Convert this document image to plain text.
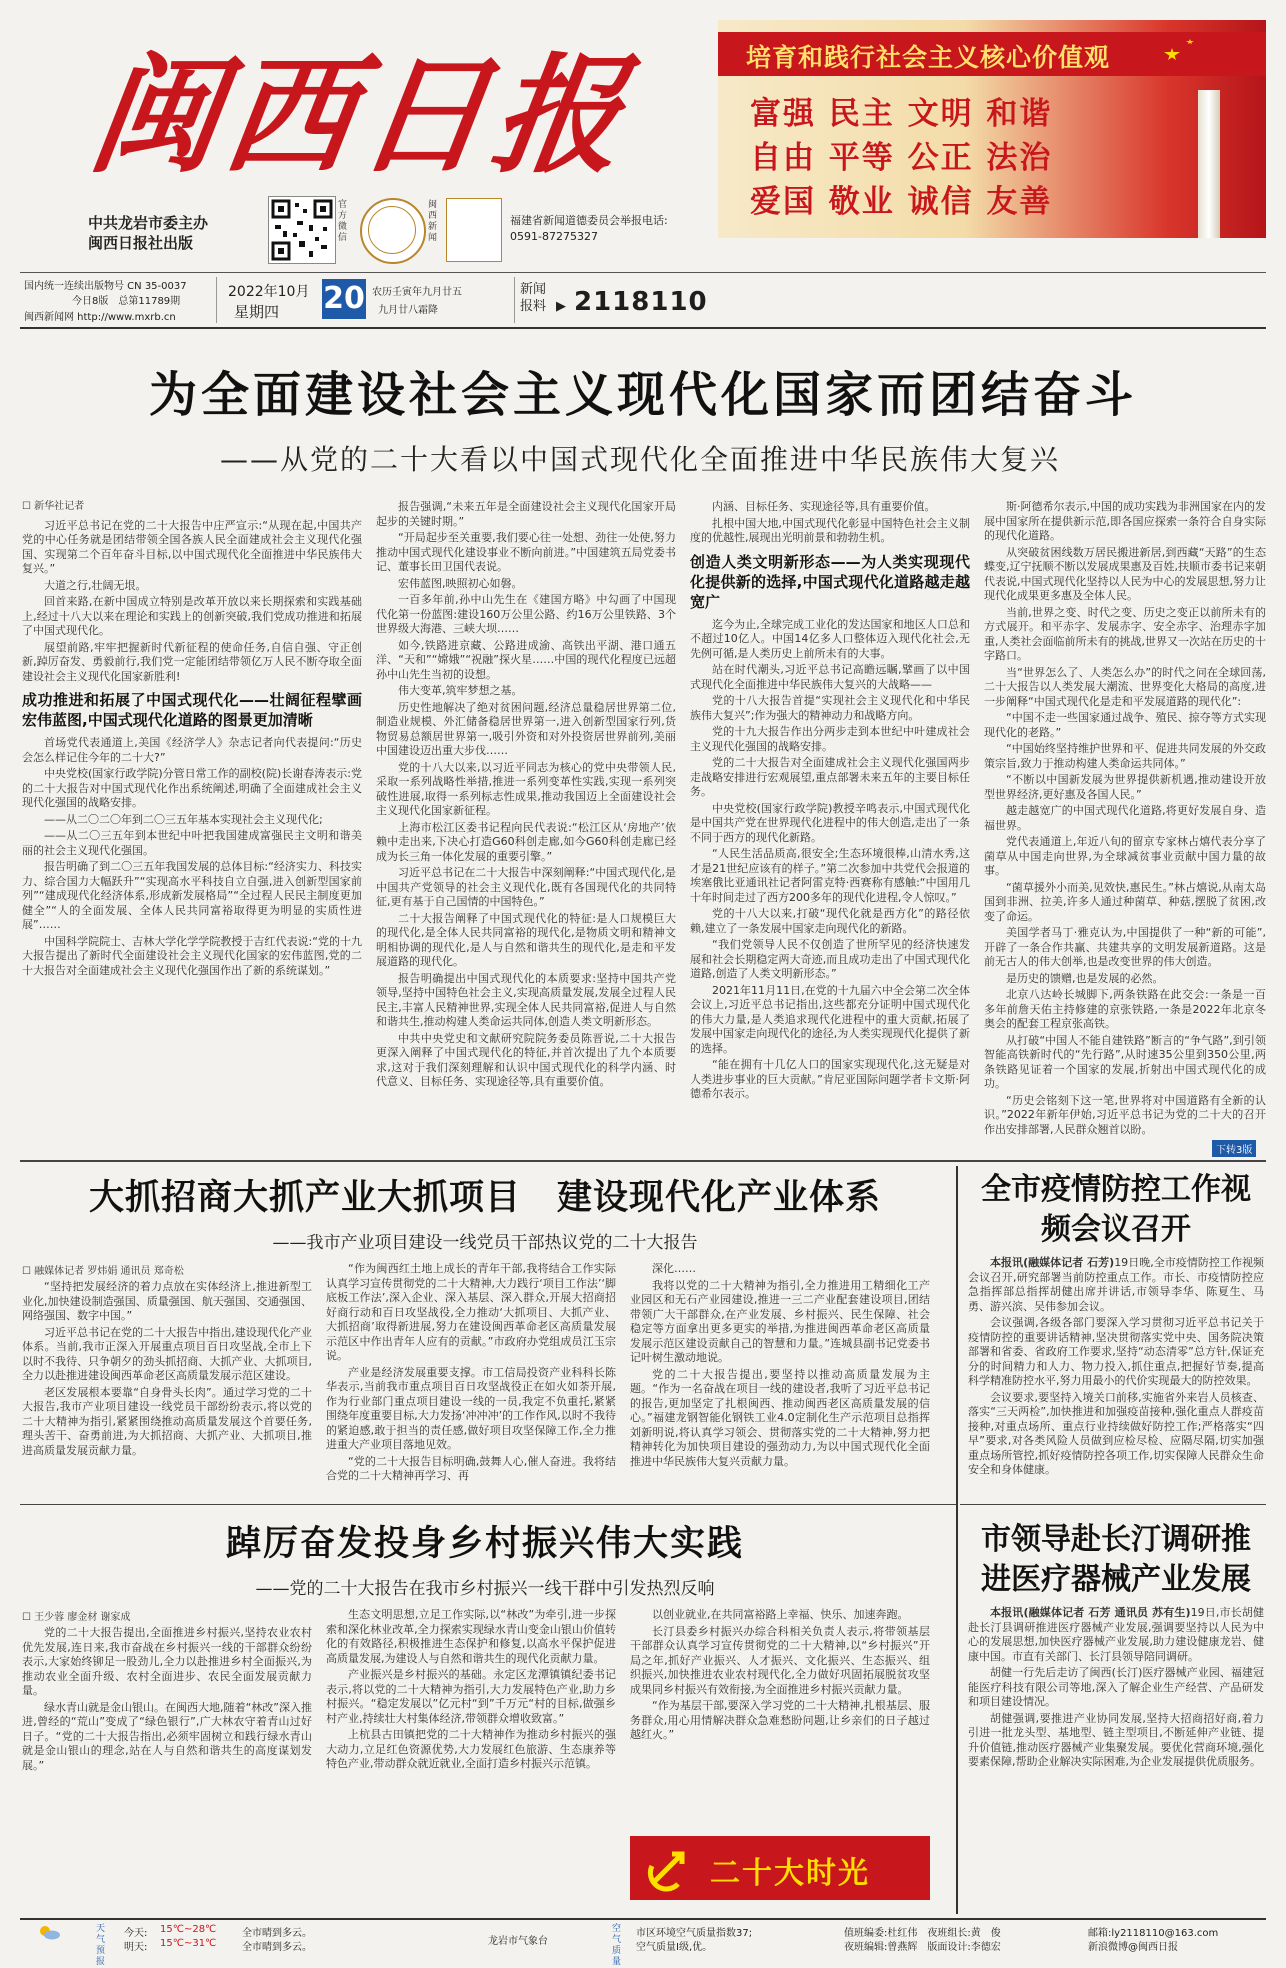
闽西日报
中共龙岩市委主办
闽西日报社出版
官方微信
闽西新闻
福建省新闻道德委员会举报电话:
0591-87275327
培育和践行社会主义核心价值观
富强 民主 文明 和谐
自由 平等 公正 法治
爱国 敬业 诚信 友善
国内统一连续出版物号 CN 35-0037
今日8版　总第11789期
闽西新闻网 http://www.mxrb.cn
2022年10月
星期四 20 农历壬寅年九月廿五
九月廿八霜降
新闻报料 ▶ 2118110
为全面建设社会主义现代化国家而团结奋斗
——从党的二十大看以中国式现代化全面推进中华民族伟大复兴
☐ 新华社记者

习近平总书记在党的二十大报告中庄严宣示:“从现在起,中国共产党的中心任务就是团结带领全国各族人民全面建成社会主义现代化强国、实现第二个百年奋斗目标,以中国式现代化全面推进中华民族伟大复兴。”

大道之行,壮阔无垠。

回首来路,在新中国成立特别是改革开放以来长期探索和实践基础上,经过十八大以来在理论和实践上的创新突破,我们党成功推进和拓展了中国式现代化。

展望前路,牢牢把握新时代新征程的使命任务,自信自强、守正创新,踔厉奋发、勇毅前行,我们党一定能团结带领亿万人民不断夺取全面建设社会主义现代化国家新胜利!

成功推进和拓展了中国式现代化——壮阔征程擘画宏伟蓝图,中国式现代化道路的图景更加清晰

首场党代表通道上,美国《经济学人》杂志记者向代表提问:“历史会怎么样记住今年的二十大?”

中央党校(国家行政学院)分管日常工作的副校(院)长谢春涛表示:党的二十大报告对中国式现代化作出系统阐述,明确了全面建成社会主义现代化强国的战略安排。

——从二〇二〇年到二〇三五年基本实现社会主义现代化;

——从二〇三五年到本世纪中叶把我国建成富强民主文明和谐美丽的社会主义现代化强国。

报告明确了到二〇三五年我国发展的总体目标:“经济实力、科技实力、综合国力大幅跃升”“实现高水平科技自立自强,进入创新型国家前列”“建成现代化经济体系,形成新发展格局”“全过程人民民主制度更加健全”“人的全面发展、全体人民共同富裕取得更为明显的实质性进展”……

中国科学院院士、吉林大学化学学院教授于吉红代表说:“党的十九大报告提出了新时代全面建设社会主义现代化国家的宏伟蓝图,党的二十大报告对全面建成社会主义现代化强国作出了新的系统谋划。”

报告强调,“未来五年是全面建设社会主义现代化国家开局起步的关键时期。”

“开局起步至关重要,我们要心往一处想、劲往一处使,努力推动中国式现代化建设事业不断向前进。”中国建筑五局党委书记、董事长田卫国代表说。

宏伟蓝图,映照初心如磐。

一百多年前,孙中山先生在《建国方略》中勾画了中国现代化第一份蓝图:建设160万公里公路、约16万公里铁路、3个世界级大海港、三峡大坝……

如今,铁路进京藏、公路进成渝、高铁出平湖、港口通五洋、“天和”“嫦娥”“祝融”探火星……中国的现代化程度已远超孙中山先生当初的设想。

伟大变革,筑牢梦想之基。

历史性地解决了绝对贫困问题,经济总量稳居世界第二位,制造业规模、外汇储备稳居世界第一,进入创新型国家行列,货物贸易总额居世界第一,吸引外资和对外投资居世界前列,美丽中国建设迈出重大步伐……

党的十八大以来,以习近平同志为核心的党中央带领人民,采取一系列战略性举措,推进一系列变革性实践,实现一系列突破性进展,取得一系列标志性成果,推动我国迈上全面建设社会主义现代化国家新征程。

上海市松江区委书记程向民代表说:“松江区从‘房地产’依赖中走出来,下决心打造G60科创走廊,如今G60科创走廊已经成为长三角一体化发展的重要引擎。”

习近平总书记在二十大报告中深刻阐释:“中国式现代化,是中国共产党领导的社会主义现代化,既有各国现代化的共同特征,更有基于自己国情的中国特色。”

二十大报告阐释了中国式现代化的特征:是人口规模巨大的现代化,是全体人民共同富裕的现代化,是物质文明和精神文明相协调的现代化,是人与自然和谐共生的现代化,是走和平发展道路的现代化。

报告明确提出中国式现代化的本质要求:坚持中国共产党领导,坚持中国特色社会主义,实现高质量发展,发展全过程人民民主,丰富人民精神世界,实现全体人民共同富裕,促进人与自然和谐共生,推动构建人类命运共同体,创造人类文明新形态。

中共中央党史和文献研究院院务委员陈晋说,二十大报告更深入阐释了中国式现代化的特征,并首次提出了九个本质要求,这对于我们深刻理解和认识中国式现代化的科学内涵、时代意义、目标任务、实现途径等,具有重要价值。

内涵、目标任务、实现途径等,具有重要价值。

扎根中国大地,中国式现代化彰显中国特色社会主义制度的优越性,展现出光明前景和勃勃生机。

创造人类文明新形态——为人类实现现代化提供新的选择,中国式现代化道路越走越宽广

迄今为止,全球完成工业化的发达国家和地区人口总和不超过10亿人。中国14亿多人口整体迈入现代化社会,无先例可循,是人类历史上前所未有的大事。

站在时代潮头,习近平总书记高瞻远瞩,擘画了以中国式现代化全面推进中华民族伟大复兴的大战略——

党的十八大报告首提“实现社会主义现代化和中华民族伟大复兴”;作为强大的精神动力和战略方向。

党的十九大报告作出分两步走到本世纪中叶建成社会主义现代化强国的战略安排。

党的二十大报告对全面建成社会主义现代化强国两步走战略安排进行宏观展望,重点部署未来五年的主要目标任务。

中央党校(国家行政学院)教授辛鸣表示,中国式现代化是中国共产党在世界现代化进程中的伟大创造,走出了一条不同于西方的现代化新路。

“人民生活品质高,很安全;生态环境很棒,山清水秀,这才是21世纪应该有的样子。”第二次参加中共党代会报道的埃塞俄比亚通讯社记者阿雷克特·西赛称有感触:“中国用几十年时间走过了西方200多年的现代化进程,令人惊叹。”

党的十八大以来,打破“现代化就是西方化”的路径依赖,建立了一条发展中国家走向现代化的新路。

“我们党领导人民不仅创造了世所罕见的经济快速发展和社会长期稳定两大奇迹,而且成功走出了中国式现代化道路,创造了人类文明新形态。”

2021年11月11日,在党的十九届六中全会第二次全体会议上,习近平总书记指出,这些都充分证明中国式现代化的伟大力量,是人类追求现代化进程中的重大贡献,拓展了发展中国家走向现代化的途径,为人类实现现代化提供了新的选择。

“能在拥有十几亿人口的国家实现现代化,这无疑是对人类进步事业的巨大贡献。”肯尼亚国际问题学者卡文斯·阿德希尔表示。

斯·阿德希尔表示,中国的成功实践为非洲国家在内的发展中国家所在提供新示范,即各国应探索一条符合自身实际的现代化道路。

从突破贫困线数万居民搬进新居,到西藏“天路”的生态蝶变,辽宁抚顺不断以发展成果惠及百姓,扶顺市委书记来朝代表说,中国式现代化坚持以人民为中心的发展思想,努力让现代化成果更多惠及全体人民。

当前,世界之变、时代之变、历史之变正以前所未有的方式展开。和平赤字、发展赤字、安全赤字、治理赤字加重,人类社会面临前所未有的挑战,世界又一次站在历史的十字路口。

当“世界怎么了、人类怎么办”的时代之问在全球回荡,二十大报告以人类发展大潮流、世界变化大格局的高度,进一步阐释“中国式现代化是走和平发展道路的现代化”:

“中国不走一些国家通过战争、殖民、掠夺等方式实现现代化的老路。”

“中国始终坚持维护世界和平、促进共同发展的外交政策宗旨,致力于推动构建人类命运共同体。”

“不断以中国新发展为世界提供新机遇,推动建设开放型世界经济,更好惠及各国人民。”

越走越宽广的中国式现代化道路,将更好发展自身、造福世界。

党代表通道上,年近八旬的留京专家林占熺代表分享了菌草从中国走向世界,为全球减贫事业贡献中国力量的故事。

“菌草援外小而美,见效快,惠民生。”林占熺说,从南太岛国到非洲、拉美,许多人通过种菌草、种菇,摆脱了贫困,改变了命运。

美国学者马丁·雅克认为,中国提供了一种“新的可能”,开辟了一条合作共赢、共建共享的文明发展新道路。这是前无古人的伟大创举,也是改变世界的伟大创造。

是历史的馈赠,也是发展的必然。

北京八达岭长城脚下,两条铁路在此交会:一条是一百多年前詹天佑主持修建的京张铁路,一条是2022年北京冬奥会的配套工程京张高铁。

从打破“中国人不能自建铁路”断言的“争气路”,到引领智能高铁新时代的“先行路”,从时速35公里到350公里,两条铁路见证着一个国家的发展,折射出中国式现代化的成功。

“历史会铭刻下这一笔,世界将对中国道路有全新的认识。”2022年新年伊始,习近平总书记为党的二十大的召开作出安排部署,人民群众翘首以盼。

下转3版
大抓招商大抓产业大抓项目　建设现代化产业体系
——我市产业项目建设一线党员干部热议党的二十大报告
☐ 融媒体记者 罗炜娟 通讯员 郑奇松

“坚持把发展经济的着力点放在实体经济上,推进新型工业化,加快建设制造强国、质量强国、航天强国、交通强国、网络强国、数字中国。”

习近平总书记在党的二十大报告中指出,建设现代化产业体系。当前,我市正深入开展重点项目百日攻坚战,全市上下以时不我待、只争朝夕的劲头抓招商、大抓产业、大抓项目,全力以赴推进建设闽西革命老区高质量发展示范区建设。

老区发展根本要靠“自身骨头长肉”。通过学习党的二十大报告,我市产业项目建设一线党员干部纷纷表示,将以党的二十大精神为指引,紧紧围绕推动高质量发展这个首要任务,理头苦干、奋勇前进,为大抓招商、大抓产业、大抓项目,推进高质量发展贡献力量。

“作为闽西红土地上成长的青年干部,我将结合工作实际认真学习宣传贯彻党的二十大精神,大力践行‘项目工作法’‘脚底板工作法’,深入企业、深入基层、深入群众,开展大招商招好商行动和百日攻坚战役,全力推动‘大抓项目、大抓产业、大抓招商’取得新进展,努力在建设闽西革命老区高质量发展示范区中作出青年人应有的贡献。”市政府办党组成员江玉宗说。

产业是经济发展重要支撑。市工信局投资产业科科长陈华表示,当前我市重点项目百日攻坚战役正在如火如荼开展,作为行业部门重点项目建设一线的一员,我定不负重托,紧紧围绕年度重要目标,大力发扬‘冲冲冲’的工作作风,以时不我待的紧迫感,敢于担当的责任感,做好项目攻坚保障工作,全力推进重大产业项目落地见效。

“党的二十大报告目标明确,鼓舞人心,催人奋进。我将结合党的二十大精神再学习、再

深化……

我将以党的二十大精神为指引,全力推进用工精细化工产业园区和无石产业园建设,推进一三二产业配套建设项目,团结带领广大干部群众,在产业发展、乡村振兴、民生保障、社会稳定等方面拿出更多更实的举措,为推进闽西革命老区高质量发展示范区建设贡献自己的智慧和力量。”连城县副书记党委书记叶树生激动地说。

党的二十大报告提出,要坚持以推动高质量发展为主题。“作为一名奋战在项目一线的建设者,我听了习近平总书记的报告,更加坚定了扎根闽西、推动闽西老区高质量发展的信心。”福建龙钢智能化钢铁工业4.0定制化生产示范项目总指挥刘新明说,将认真学习领会、贯彻落实党的二十大精神,努力把精神转化为加快项目建设的强劲动力,为以中国式现代化全面推进中华民族伟大复兴贡献力量。

全市疫情防控工作视频会议召开

本报讯(融媒体记者 石芳)19日晚,全市疫情防控工作视频会议召开,研究部署当前防控重点工作。市长、市疫情防控应急指挥部总指挥胡健出席并讲话,市领导李华、陈夏生、马勇、游兴滨、吴伟参加会议。

会议强调,各级各部门要深入学习贯彻习近平总书记关于疫情防控的重要讲话精神,坚决贯彻落实党中央、国务院决策部署和省委、省政府工作要求,坚持“动态清零”总方针,保证充分的时间精力和人力、物力投入,抓住重点,把握好节奏,提高科学精准防控水平,努力用最小的代价实现最大的防控效果。

会议要求,要坚持入境关口前移,实施省外来岩人员核查、落实“三天两检”,加快推进和加强疫苗接种,强化重点人群疫苗接种,对重点场所、重点行业持续做好防控工作;严格落实“四早”要求,对各类风险人员做到应检尽检、应隔尽隔,切实加强重点场所管控,抓好疫情防控各项工作,切实保障人民群众生命安全和身体健康。

踔厉奋发投身乡村振兴伟大实践
——党的二十大报告在我市乡村振兴一线干群中引发热烈反响
☐ 王少蓉 廖金材 谢家成

党的二十大报告提出,全面推进乡村振兴,坚持农业农村优先发展,连日来,我市奋战在乡村振兴一线的干部群众纷纷表示,大家始终铆足一股劲儿,全力以赴推进乡村全面振兴,为推动农业全面升级、农村全面进步、农民全面发展贡献力量。

绿水青山就是金山银山。在闽西大地,随着“林改”深入推进,曾经的“荒山”变成了“绿色银行”,广大林农守着青山过好日子。“党的二十大报告指出,必须牢固树立和践行绿水青山就是金山银山的理念,站在人与自然和谐共生的高度谋划发展。”

生态文明思想,立足工作实际,以“林改”为牵引,进一步探索和深化林业改革,全力探索实现绿水青山变金山银山价值转化的有效路径,积极推进生态保护和修复,以高水平保护促进高质量发展,为建设人与自然和谐共生的现代化贡献力量。

产业振兴是乡村振兴的基础。永定区龙潭镇镇纪委书记表示,将以党的二十大精神为指引,大力发展特色产业,助力乡村振兴。“稳定发展以”亿元村“到”千万元“村的目标,做强乡村产业,持续壮大村集体经济,带领群众增收致富。”

上杭县古田镇把党的二十大精神作为推动乡村振兴的强大动力,立足红色资源优势,大力发展红色旅游、生态康养等特色产业,带动群众就近就业,全面打造乡村振兴示范镇。

以创业就业,在共同富裕路上幸福、快乐、加速奔跑。

长汀县委乡村振兴办综合科相关负责人表示,将带领基层干部群众认真学习宣传贯彻党的二十大精神,以“乡村振兴”开局之年,抓好产业振兴、人才振兴、文化振兴、生态振兴、组织振兴,加快推进农业农村现代化,全力做好巩固拓展脱贫攻坚成果同乡村振兴有效衔接,为全面推进乡村振兴贡献力量。

“作为基层干部,要深入学习党的二十大精神,扎根基层、服务群众,用心用情解决群众急难愁盼问题,让乡亲们的日子越过越红火。”

二十大时光
市领导赴长汀调研推进医疗器械产业发展

本报讯(融媒体记者 石芳 通讯员 苏有生)19日,市长胡健赴长汀县调研推进医疗器械产业发展,强调要坚持以人民为中心的发展思想,加快医疗器械产业发展,助力建设健康龙岩、健康中国。市直有关部门、长汀县领导陪同调研。

胡健一行先后走访了闽西(长汀)医疗器械产业园、福建冠能医疗科技有限公司等地,深入了解企业生产经营、产品研发和项目建设情况。

胡健强调,要推进产业协同发展,坚持大招商招好商,着力引进一批龙头型、基地型、链主型项目,不断延伸产业链、提升价值链,推动医疗器械产业集聚发展。要优化营商环境,强化要素保障,帮助企业解决实际困难,为企业发展提供优质服务。

天气预报
今天: 15℃~28℃	全市晴到多云。
明天: 15℃~31℃	全市晴到多云。
龙岩市气象台
空气质量
市区环境空气质量指数37;
空气质量Ⅰ级,优。
值班编委:杜红伟　夜班组长:黄　俊
夜班编辑:曾燕辉　版面设计:李德宏
邮箱:ly2118110@163.com
新浪微博@闽西日报
